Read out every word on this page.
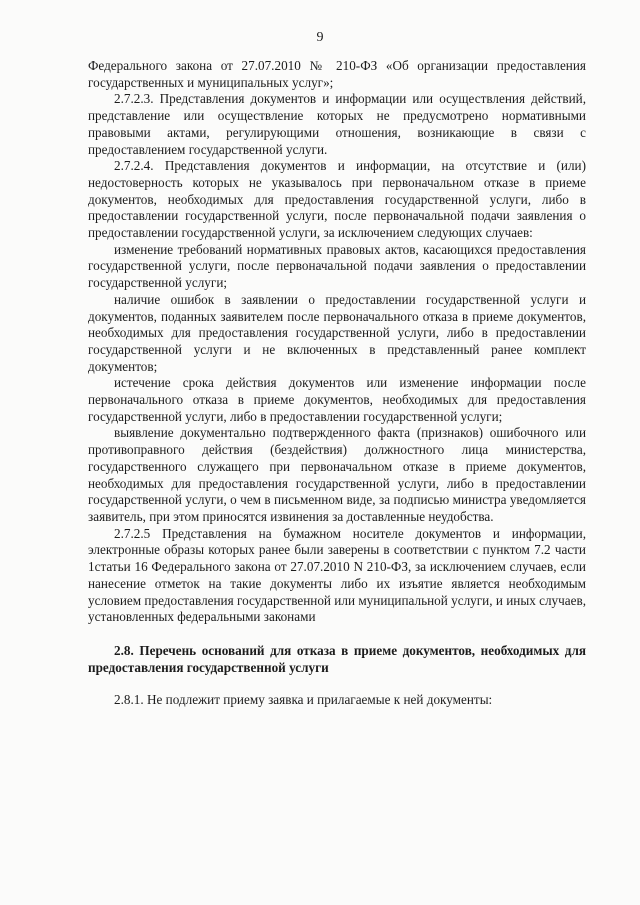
9

Федерального закона от 27.07.2010 № 210-ФЗ «Об организации предоставления государственных и муниципальных услуг»;

2.7.2.3. Представления документов и информации или осуществления действий, представление или осуществление которых не предусмотрено нормативными правовыми актами, регулирующими отношения, возникающие в связи с предоставлением государственной услуги.

2.7.2.4. Представления документов и информации, на отсутствие и (или) недостоверность которых не указывалось при первоначальном отказе в приеме документов, необходимых для предоставления государственной услуги, либо в предоставлении государственной услуги, после первоначальной подачи заявления о предоставлении государственной услуги, за исключением следующих случаев:

изменение требований нормативных правовых актов, касающихся предоставления государственной услуги, после первоначальной подачи заявления о предоставлении государственной услуги;

наличие ошибок в заявлении о предоставлении государственной услуги и документов, поданных заявителем после первоначального отказа в приеме документов, необходимых для предоставления государственной услуги, либо в предоставлении государственной услуги и не включенных в представленный ранее комплект документов;

истечение срока действия документов или изменение информации после первоначального отказа в приеме документов, необходимых для предоставления государственной услуги, либо в предоставлении государственной услуги;

выявление документально подтвержденного факта (признаков) ошибочного или противоправного действия (бездействия) должностного лица министерства, государственного служащего при первоначальном отказе в приеме документов, необходимых для предоставления государственной услуги, либо в предоставлении государственной услуги, о чем в письменном виде, за подписью министра уведомляется заявитель, при этом приносятся извинения за доставленные неудобства.

2.7.2.5 Представления на бумажном носителе документов и информации, электронные образы которых ранее были заверены в соответствии с пунктом 7.2 части 1статьи 16 Федерального закона от 27.07.2010 N 210-ФЗ, за исключением случаев, если нанесение отметок на такие документы либо их изъятие является необходимым условием предоставления государственной или муниципальной услуги, и иных случаев, установленных федеральными законами

2.8. Перечень оснований для отказа в приеме документов, необходимых для предоставления государственной услуги

2.8.1. Не подлежит приему заявка и прилагаемые к ней документы:
